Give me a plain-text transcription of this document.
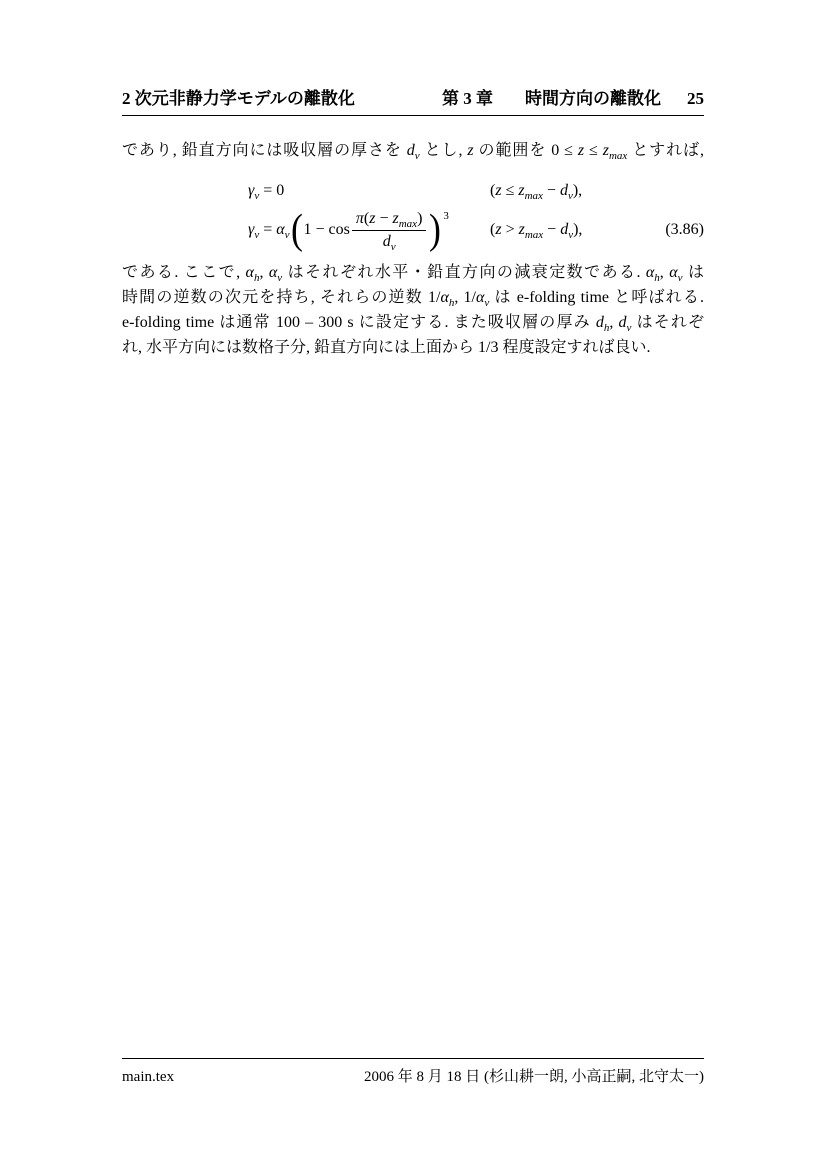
2 次元非静力学モデルの離散化	第 3 章 時間方向の離散化 25
であり, 鉛直方向には吸収層の厚さを $d_v$ とし, z の範囲を $0 \le z \le z_{max}$ とすれば,
$\gamma_v = 0$	$(z \le z_{max} - d_v)$,
$\gamma_v = \alpha_v$ ( $1 - \cos \frac{\pi(z - z_{max})}{d_v}$ ) 3
$(z > z_{max} - d_v)$,	(3.86)
である. ここで, $\alpha_h$, $\alpha_v$ はそれぞれ水平・鉛直方向の減衰定数である. $\alpha_h$, $\alpha_v$ は
時間の逆数の次元を持ち, それらの逆数 $1/\alpha_h$, $1/\alpha_v$ は e-folding time と呼ばれる.
e-folding time は通常 100 – 300 s に設定する. また吸収層の厚み $d_h$, $d_v$ はそれぞ
れ, 水平方向には数格子分, 鉛直方向には上面から 1/3 程度設定すれば良い.
main.tex	2006 年 8 月 18 日 (杉山耕一朗, 小高正嗣, 北守太一)
